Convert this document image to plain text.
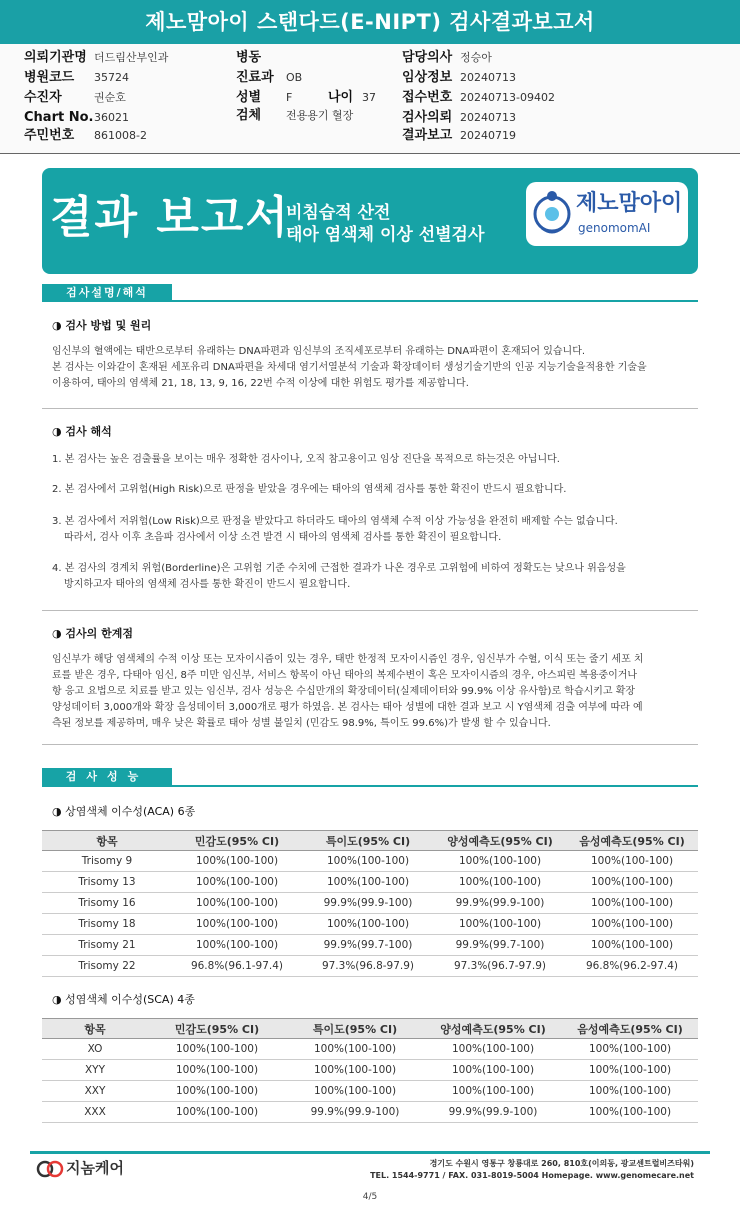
제노맘아이 스탠다드(E-NIPT) 검사결과보고서
의뢰기관명 더드림산부인과
병원코드 35724
수진자	권순호
Chart No.36021
주민번호 861008-2
병동
진료과 OB
성별 F	나이 37
검체 전용용기 혈장
담당의사 정승아
임상정보 20240713
접수번호 20240713-09402
검사의뢰 20240713
결과보고 20240719
결과 보고서
비침습적 산전
태아 염색체 이상 선별검사
제노맘아이
genomomAI
검사설명/해석
◑ 검사 방법 및 원리
임신부의 혈액에는 태반으로부터 유래하는 DNA파편과 임신부의 조직세포로부터 유래하는 DNA파편이 혼재되어 있습니다.
본 검사는 이와같이 혼재된 세포유리 DNA파편을 차세대 염기서열분석 기술과 확장데이터 생성기술기반의 인공 지능기술을적용한 기술을
이용하여, 태아의 염색체 21, 18, 13, 9, 16, 22번 수적 이상에 대한 위험도 평가를 제공합니다.
◑ 검사 해석
1. 본 검사는 높은 검출률을 보이는 매우 정확한 검사이나, 오직 참고용이고 임상 진단을 목적으로 하는것은 아닙니다.
2. 본 검사에서 고위험(High Risk)으로 판정을 받았을 경우에는 태아의 염색체 검사를 통한 확진이 반드시 필요합니다.
3. 본 검사에서 저위험(Low Risk)으로 판정을 받았다고 하더라도 태아의 염색체 수적 이상 가능성을 완전히 배제할 수는 없습니다.
따라서, 검사 이후 초음파 검사에서 이상 소견 발견 시 태아의 염색체 검사를 통한 확진이 필요합니다.
4. 본 검사의 경계치 위험(Borderline)은 고위험 기준 수치에 근접한 결과가 나온 경우로 고위험에 비하여 정확도는 낮으나 위음성을
방지하고자 태아의 염색체 검사를 통한 확진이 반드시 필요합니다.
◑ 검사의 한계점
임신부가 해당 염색체의 수적 이상 또는 모자이시즘이 있는 경우, 태반 한정적 모자이시즘인 경우, 임신부가 수혈, 이식 또는 줄기 세포 치
료를 받은 경우, 다태아 임신, 8주 미만 임신부, 서비스 항목이 아닌 태아의 복제수변이 혹은 모자이시즘의 경우, 아스피린 복용중이거나
항 응고 요법으로 치료를 받고 있는 임신부, 검사 성능은 수십만개의 확장데이터(실제데이터와 99.9% 이상 유사함)로 학습시키고 확장
양성데이터 3,000개와 확장 음성데이터 3,000개로 평가 하였음. 본 검사는 태아 성별에 대한 결과 보고 시 Y염색체 검출 여부에 따라 예
측된 정보를 제공하며, 매우 낮은 확률로 태아 성별 불일치 (민감도 98.9%, 특이도 99.6%)가 발생 할 수 있습니다.
검사성능
◑ 상염색체 이수성(ACA) 6종
항목	민감도(95% CI)	특이도(95% CI)	양성예측도(95% CI)	음성예측도(95% CI)
Trisomy 9	100%(100-100)	100%(100-100)	100%(100-100)	100%(100-100)
Trisomy 13	100%(100-100)	100%(100-100)	100%(100-100)	100%(100-100)
Trisomy 16	100%(100-100)	99.9%(99.9-100)	99.9%(99.9-100)	100%(100-100)
Trisomy 18	100%(100-100)	100%(100-100)	100%(100-100)	100%(100-100)
Trisomy 21	100%(100-100)	99.9%(99.7-100)	99.9%(99.7-100)	100%(100-100)
Trisomy 22	96.8%(96.1-97.4)	97.3%(96.8-97.9)	97.3%(96.7-97.9)	96.8%(96.2-97.4)
◑ 성염색체 이수성(SCA) 4종
항목	민감도(95% CI)	특이도(95% CI)	양성예측도(95% CI)	음성예측도(95% CI)
XO	100%(100-100)	100%(100-100)	100%(100-100)	100%(100-100)
XYY	100%(100-100)	100%(100-100)	100%(100-100)	100%(100-100)
XXY	100%(100-100)	100%(100-100)	100%(100-100)	100%(100-100)
XXX	100%(100-100)	99.9%(99.9-100)	99.9%(99.9-100)	100%(100-100)
지놈케어	경기도 수원시 영통구 창룡대로 260, 810호(이의동, 광교센트럴비즈타워)
TEL. 1544-9771 / FAX. 031-8019-5004 Homepage. www.genomecare.net
4/5
